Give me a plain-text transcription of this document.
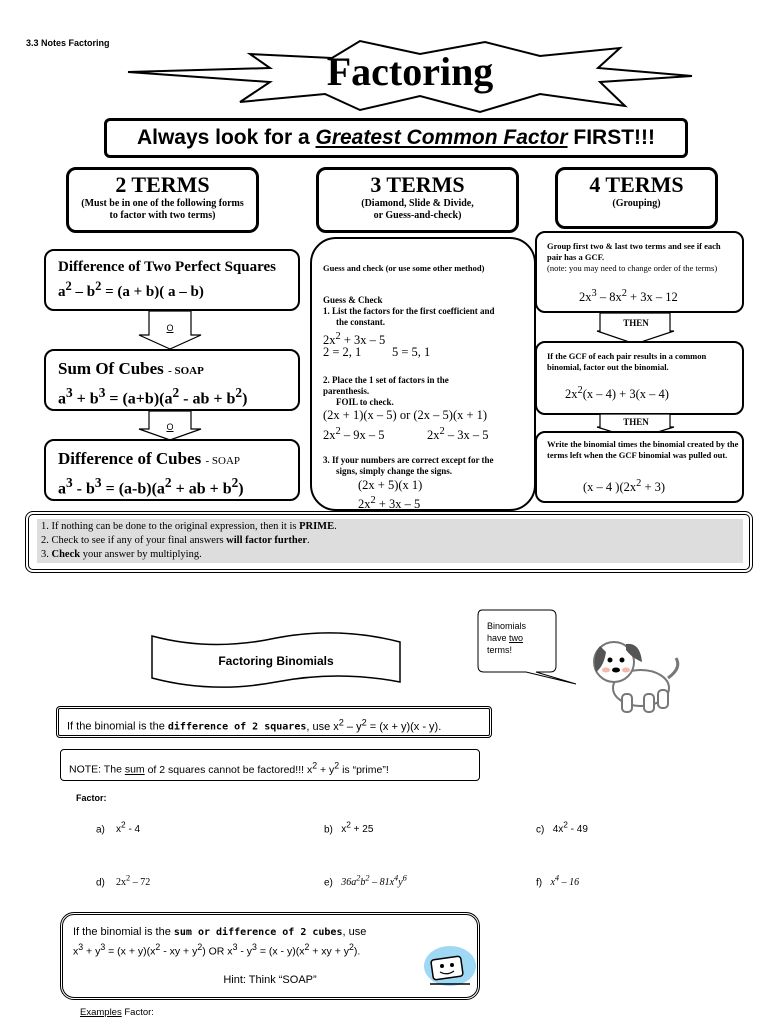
3.3 Notes Factoring
Factoring
Always look for a Greatest Common Factor FIRST!!!
2 TERMS
(Must be in one of the following forms
to factor with two terms)
3 TERMS
(Diamond, Slide & Divide,
or Guess-and-check)
4 TERMS
(Grouping)
Difference of Two Perfect Squares
$a^2 - b^2 = (a + b)$( a – b)
O
Sum Of Cubes - SOAP
$a^3 + b^3 = (a+b)(a^2$ - ab + $b^2$)
O
Difference of Cubes - SOAP
$a^3 - b^3 = (a-b)(a^2$ + ab + $b^2$)
Guess and check (or use some other method)
Guess & Check
1. List the factors for the first coefficient and
the constant.
$2x^2 + 3x - 5$
2 = 2, 1 5 = 5, 1
2. Place the 1 set of factors in the
parenthesis.
FOIL to check.
(2x + 1)(x – 5) or (2x – 5)(x + 1)
$2x^2 - 9x - 5$	$2x^2 - 3x - 5$
3. If your numbers are correct except for the
signs, simply change the signs.
(2x + 5)(x 1)
$2x^2 + 3x - 5$
Group first two & last two terms and see if each pair has a GCF.
(note: you may need to change order of the terms)
$2x^3 - 8x^2 + 3x - 12$
THEN
If the GCF of each pair results in a common binomial, factor out the binomial.
$2x^2(x - 4) + 3(x - 4)$
THEN
Write the binomial times the binomial created by the terms left when the GCF binomial was pulled out.
(x – 4 )$(2x^2 + 3)$
1. If nothing can be done to the original expression, then it is PRIME.
2. Check to see if any of your final answers will factor further.
3. Check your answer by multiplying.
Binomials
have two
terms!
Factoring Binomials
If the binomial is the difference of 2 squares, use $x^2 - y^2 = (x + y)(x - y)$.
NOTE: The sum of 2 squares cannot be factored!!! $x^2 + y^2$ is “prime”!
Factor:
a) $x^2 - 4$	b) $x^2 + 25$	c) $4x^2 - 49$
d) $2x^2 - 72$	e) $36a^2b^2 - 81x^4y^6$	f) $x^4 - 16$
If the binomial is the sum or difference of 2 cubes, use
$x^3 + y^3 = (x + y)(x^2$ - xy + $y^2$) OR $x^3 - y^3 = (x - y)(x^2$ + xy + $y^2$).
Hint: Think “SOAP”
Examples Factor:
